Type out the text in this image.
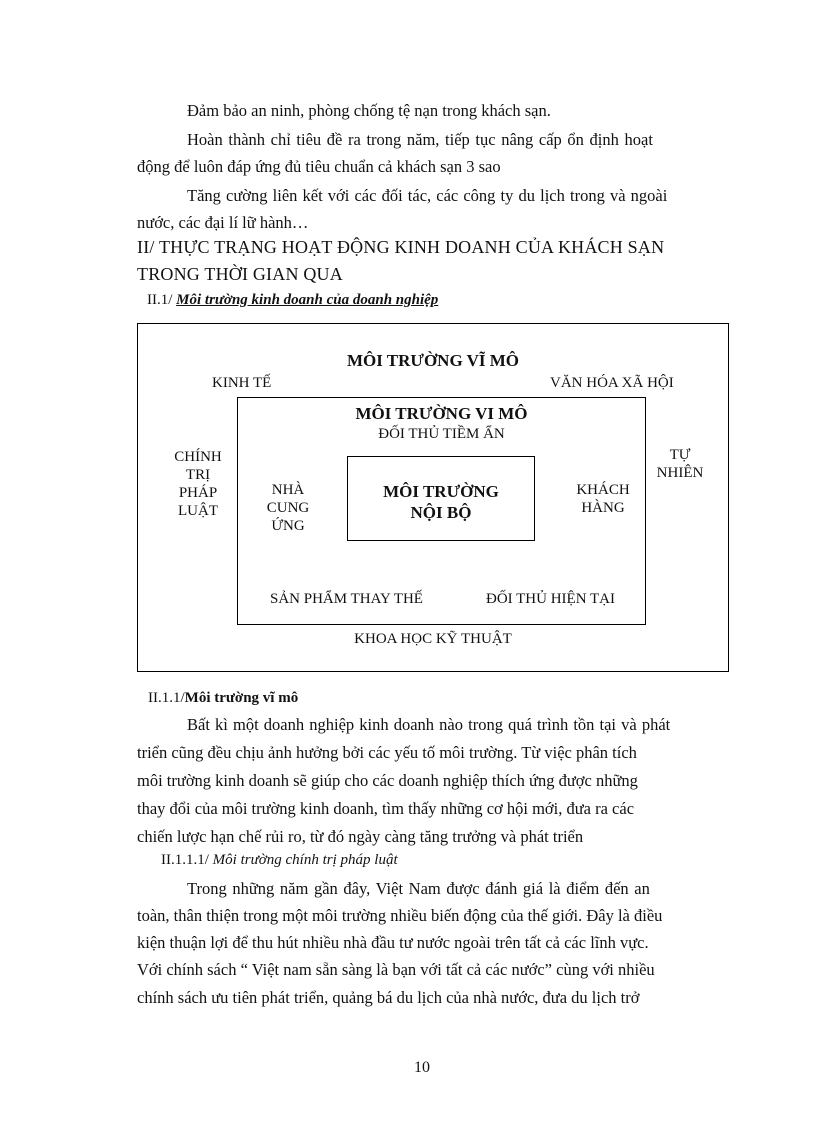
Đảm bảo an ninh, phòng chống tệ nạn trong khách sạn.
Hoàn thành chỉ tiêu đề ra trong năm, tiếp tục nâng cấp ổn định hoạt
động để luôn đáp ứng đủ tiêu chuẩn cả khách sạn 3 sao
Tăng cường liên kết với các đối tác, các công ty du lịch trong và ngoài
nước, các đại lí lữ hành…
II/ THỰC TRẠNG HOẠT ĐỘNG KINH DOANH CỦA KHÁCH SẠN
TRONG THỜI GIAN QUA
II.1/ Môi trường kinh doanh của doanh nghiệp
MÔI TRƯỜNG VĨ MÔ
KINH TẾ	VĂN HÓA XÃ HỘI
CHÍNH
TRỊ
PHÁP
LUẬT
TỰ
NHIÊN
MÔI TRƯỜNG VI MÔ
ĐỐI THỦ TIỀM ẨN
NHÀ
CUNG
ỨNG
KHÁCH
HÀNG
MÔI TRƯỜNG
NỘI BỘ
SẢN PHẨM THAY THẾ	ĐỐI THỦ HIỆN TẠI
KHOA HỌC KỸ THUẬT
II.1.1/Môi trường vĩ mô
Bất kì một doanh nghiệp kinh doanh nào trong quá trình tồn tại và phát
triển cũng đều chịu ảnh hưởng bởi các yếu tố môi trường. Từ việc phân tích
môi trường kinh doanh sẽ giúp cho các doanh nghiệp thích ứng được những
thay đổi của môi trường kinh doanh, tìm thấy những cơ hội mới, đưa ra các
chiến lược hạn chế rủi ro, từ đó ngày càng tăng trưởng và phát triển
II.1.1.1/ Môi trường chính trị pháp luật
Trong những năm gần đây, Việt Nam được đánh giá là điểm đến an
toàn, thân thiện trong một môi trường nhiều biến động của thế giới. Đây là điều
kiện thuận lợi để thu hút nhiều nhà đầu tư nước ngoài trên tất cả các lĩnh vực.
Với chính sách “ Việt nam sẵn sàng là bạn với tất cả các nước” cùng với nhiều
chính sách ưu tiên phát triển, quảng bá du lịch của nhà nước, đưa du lịch trở
10
